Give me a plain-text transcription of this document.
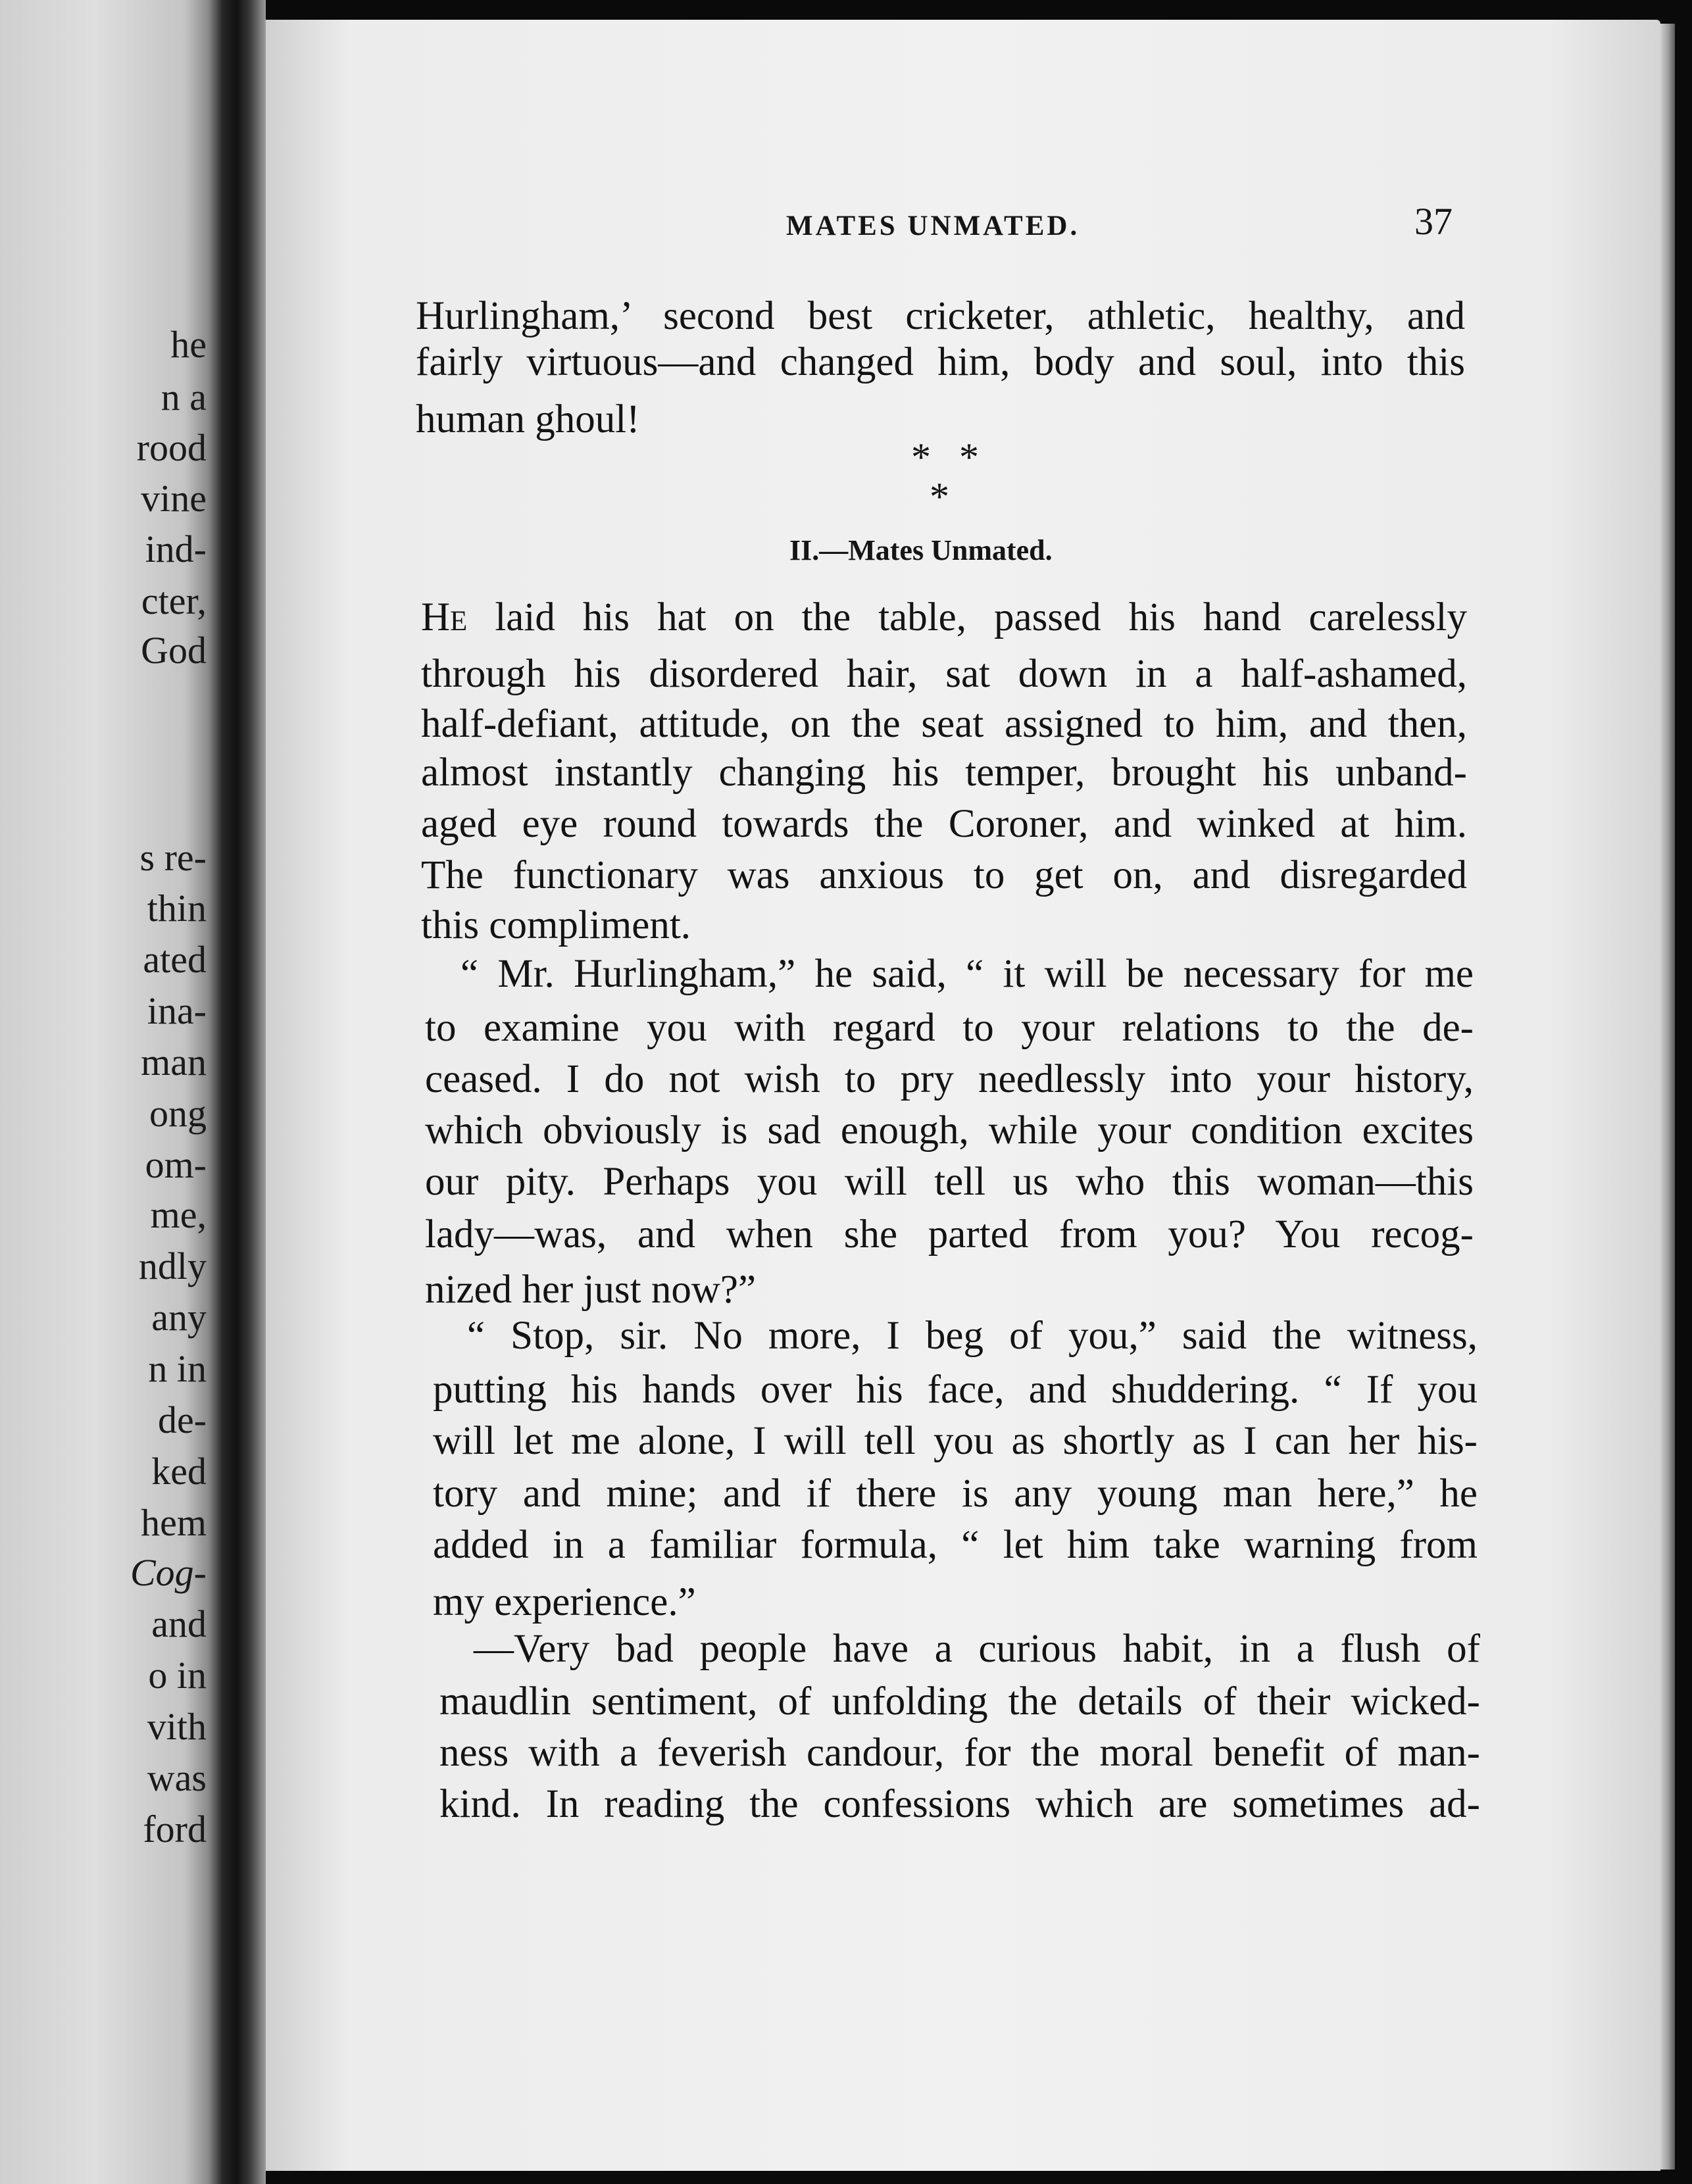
he
n a
rood
vine
ind-
cter,
God
s re-
thin
ated
ina-
man
ong
om-
me,
ndly
any
n in
de-
ked
hem
Cog-
and
o in
vith
was
ford
MATES UNMATED.	37
Hurlingham,’ second best cricketer, athletic, healthy, and
fairly virtuous—and changed him, body and soul, into this
human ghoul!
* *
*
II.—Mates Unmated.
He laid his hat on the table, passed his hand carelessly
through his disordered hair, sat down in a half-ashamed,
half-defiant, attitude, on the seat assigned to him, and then,
almost instantly changing his temper, brought his unband-
aged eye round towards the Coroner, and winked at him.
The functionary was anxious to get on, and disregarded
this compliment.
“ Mr. Hurlingham,” he said, “ it will be necessary for me
to examine you with regard to your relations to the de-
ceased. I do not wish to pry needlessly into your history,
which obviously is sad enough, while your condition excites
our pity. Perhaps you will tell us who this woman—this
lady—was, and when she parted from you? You recog-
nized her just now?”
“ Stop, sir. No more, I beg of you,” said the witness,
putting his hands over his face, and shuddering. “ If you
will let me alone, I will tell you as shortly as I can her his-
tory and mine; and if there is any young man here,” he
added in a familiar formula, “ let him take warning from
my experience.”
—Very bad people have a curious habit, in a flush of
maudlin sentiment, of unfolding the details of their wicked-
ness with a feverish candour, for the moral benefit of man-
kind. In reading the confessions which are sometimes ad-
